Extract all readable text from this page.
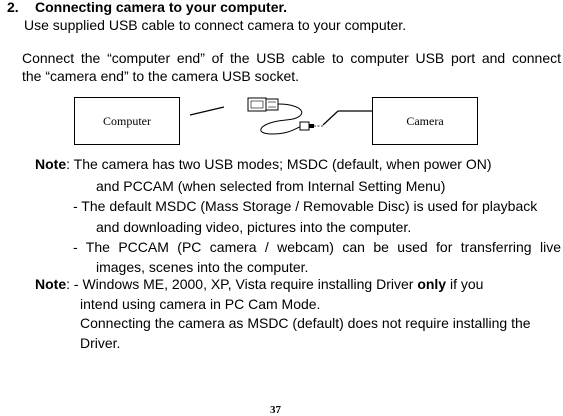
2. Connecting camera to your computer.
Use supplied USB cable to connect camera to your computer.
Connect the “computer end” of the USB cable to computer USB port and connect
the “camera end” to the camera USB socket.
Computer	Camera
Note: The camera has two USB modes; MSDC (default, when power ON)
and PCCAM (when selected from Internal Setting Menu)
- The default MSDC (Mass Storage / Removable Disc) is used for playback
and downloading video, pictures into the computer.
- The PCCAM (PC camera / webcam) can be used for transferring live
images, scenes into the computer.
Note: - Windows ME, 2000, XP, Vista require installing Driver only if you
intend using camera in PC Cam Mode.
Connecting the camera as MSDC (default) does not require installing the
Driver.
37
